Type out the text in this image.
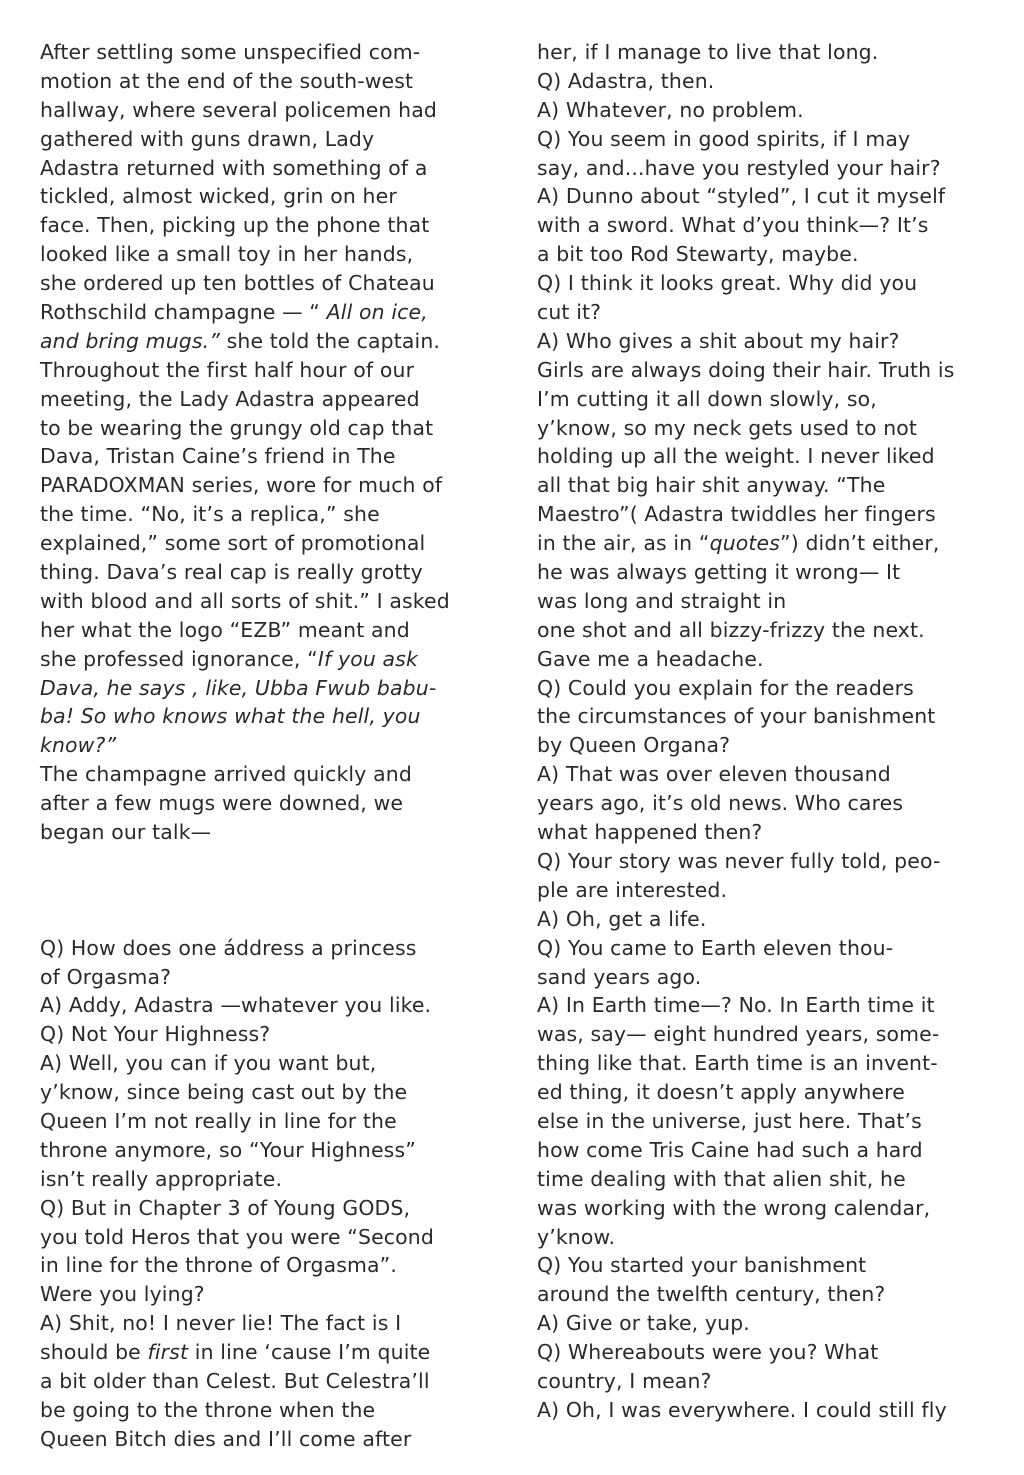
After settling some unspecified com-
motion at the end of the south-west
hallway, where several policemen had
gathered with guns drawn, Lady
Adastra returned with something of a
tickled, almost wicked, grin on her
face. Then, picking up the phone that
looked like a small toy in her hands,
she ordered up ten bottles of Chateau
Rothschild champagne — “ All on ice,
and bring mugs.” she told the captain.
Throughout the first half hour of our
meeting, the Lady Adastra appeared
to be wearing the grungy old cap that
Dava, Tristan Caine’s friend in The
PARADOXMAN series, wore for much of
the time. “No, it’s a replica,” she
explained,” some sort of promotional
thing. Dava’s real cap is really grotty
with blood and all sorts of shit.” I asked
her what the logo “EZB” meant and
she professed ignorance, “If you ask
Dava, he says , like, Ubba Fwub babu-
ba! So who knows what the hell, you
know?”
The champagne arrived quickly and
after a few mugs were downed, we
began our talk—
Q) How does one áddress a princess
of Orgasma?
A) Addy, Adastra —whatever you like.
Q) Not Your Highness?
A) Well, you can if you want but,
y’know, since being cast out by the
Queen I’m not really in line for the
throne anymore, so “Your Highness”
isn’t really appropriate.
Q) But in Chapter 3 of Young GODS,
you told Heros that you were “Second
in line for the throne of Orgasma”.
Were you lying?
A) Shit, no! I never lie! The fact is I
should be first in line ‘cause I’m quite
a bit older than Celest. But Celestra’ll
be going to the throne when the
Queen Bitch dies and I’ll come after
her, if I manage to live that long.
Q) Adastra, then.
A) Whatever, no problem.
Q) You seem in good spirits, if I may
say, and...have you restyled your hair?
A) Dunno about “styled”, I cut it myself
with a sword. What d’you think—? It’s
a bit too Rod Stewarty, maybe.
Q) I think it looks great. Why did you
cut it?
A) Who gives a shit about my hair?
Girls are always doing their hair. Truth is
I’m cutting it all down slowly, so,
y’know, so my neck gets used to not
holding up all the weight. I never liked
all that big hair shit anyway. “The
Maestro”( Adastra twiddles her fingers
in the air, as in “quotes”) didn’t either,
he was always getting it wrong— It
was long and straight in
one shot and all bizzy-frizzy the next.
Gave me a headache.
Q) Could you explain for the readers
the circumstances of your banishment
by Queen Organa?
A) That was over eleven thousand
years ago, it’s old news. Who cares
what happened then?
Q) Your story was never fully told, peo-
ple are interested.
A) Oh, get a life.
Q) You came to Earth eleven thou-
sand years ago.
A) In Earth time—? No. In Earth time it
was, say— eight hundred years, some-
thing like that. Earth time is an invent-
ed thing, it doesn’t apply anywhere
else in the universe, just here. That’s
how come Tris Caine had such a hard
time dealing with that alien shit, he
was working with the wrong calendar,
y’know.
Q) You started your banishment
around the twelfth century, then?
A) Give or take, yup.
Q) Whereabouts were you? What
country, I mean?
A) Oh, I was everywhere. I could still fly
